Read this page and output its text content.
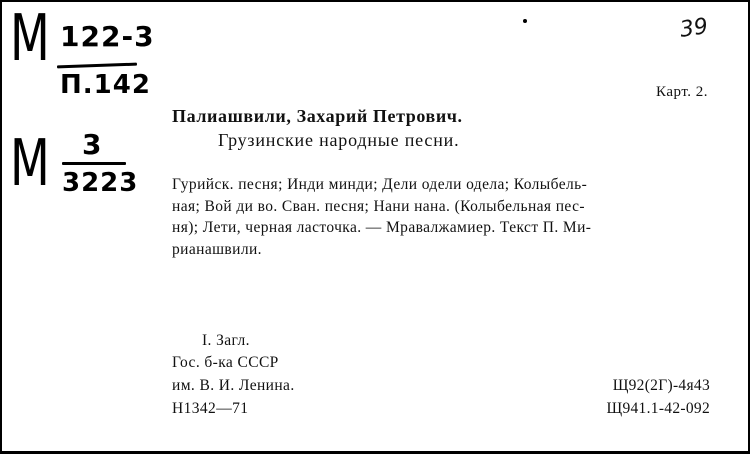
М 122-3
П.142
М 3
3223
39
Карт. 2.
Палиашвили, Захарий Петрович.
Грузинские народные песни.
Гурийск. песня; Инди минди; Дели одели одела; Колыбель-
ная; Вой ди во. Сван. песня; Нани нана. (Колыбельная пес-
ня); Лети, черная ласточка. — Мравалжамиер. Текст П. Ми-
рианашвили.
I. Загл.
Гос. б-ка СССР
им. В. И. Ленина.
Н1342—71
Щ92(2Г)-4я43
Щ941.1-42-092
